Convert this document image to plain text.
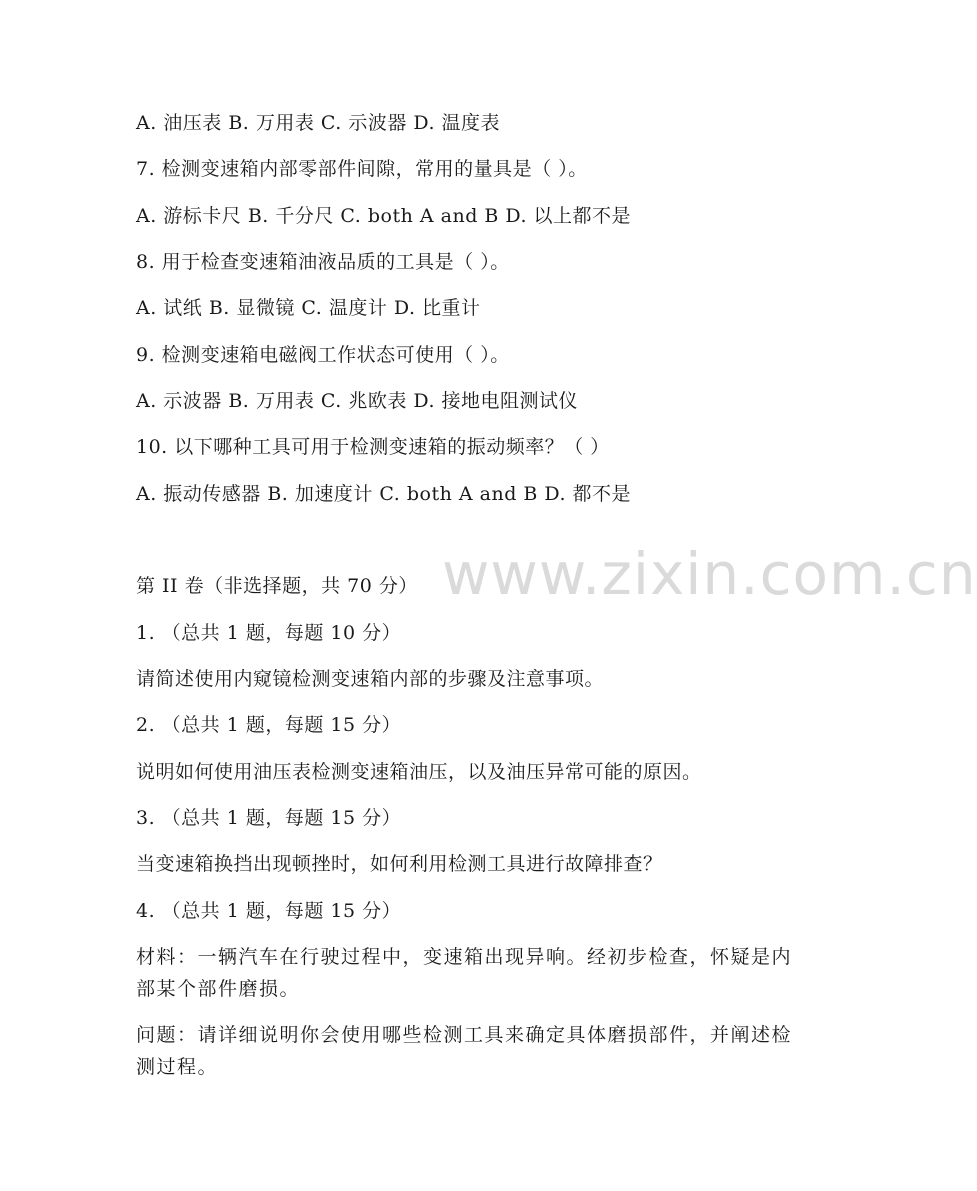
A. 油压表 B. 万用表 C. 示波器 D. 温度表
7. 检测变速箱内部零部件间隙，常用的量具是（ ）。
A. 游标卡尺 B. 千分尺 C. both A and B D. 以上都不是
8. 用于检查变速箱油液品质的工具是（ ）。
A. 试纸 B. 显微镜 C. 温度计 D. 比重计
9. 检测变速箱电磁阀工作状态可使用（ ）。
A. 示波器 B. 万用表 C. 兆欧表 D. 接地电阻测试仪
10. 以下哪种工具可用于检测变速箱的振动频率？（ ）
A. 振动传感器 B. 加速度计 C. both A and B D. 都不是
第 II 卷（非选择题，共 70 分）
1. （总共 1 题，每题 10 分）
请简述使用内窥镜检测变速箱内部的步骤及注意事项。
2. （总共 1 题，每题 15 分）
说明如何使用油压表检测变速箱油压，以及油压异常可能的原因。
3. （总共 1 题，每题 15 分）
当变速箱换挡出现顿挫时，如何利用检测工具进行故障排查？
4. （总共 1 题，每题 15 分）
材料：一辆汽车在行驶过程中，变速箱出现异响。经初步检查，怀疑是内部某个部件磨损。
问题：请详细说明你会使用哪些检测工具来确定具体磨损部件，并阐述检测过程。
www.zixin.com.cn
